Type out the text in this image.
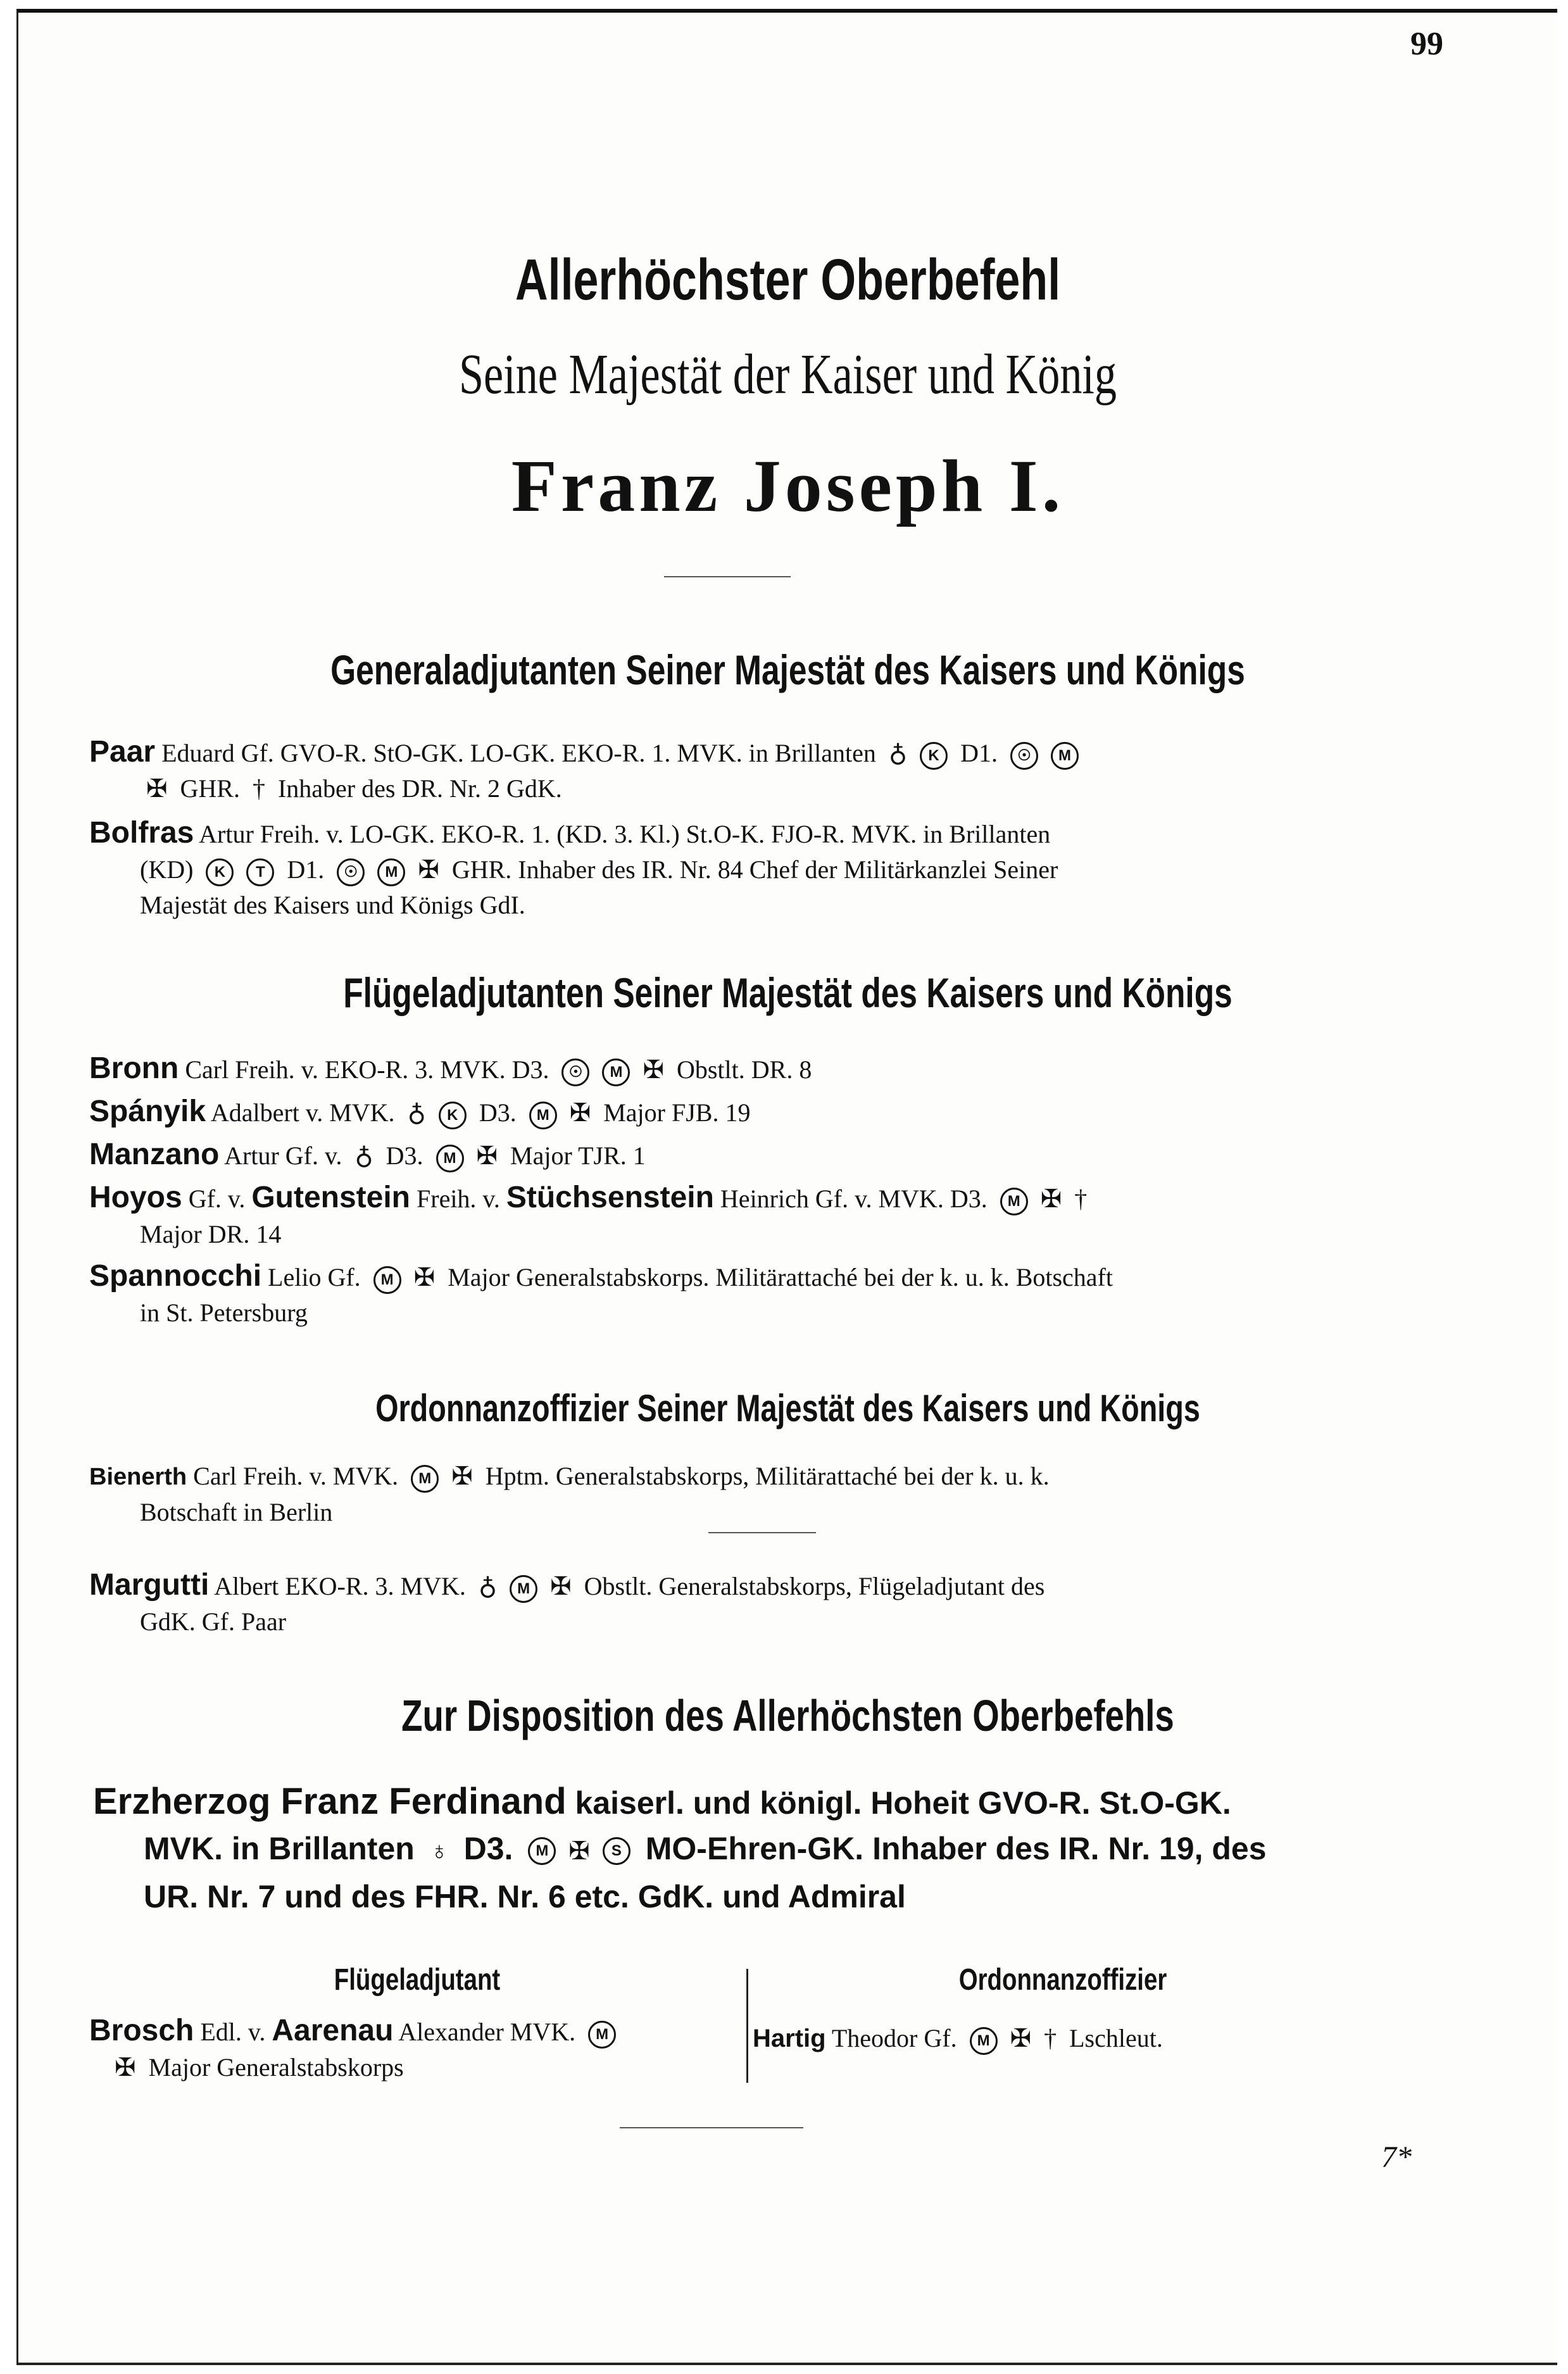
99
Allerhöchster Oberbefehl
Seine Majestät der Kaiser und König
Franz Joseph I.
Generaladjutanten Seiner Majestät des Kaisers und Königs
Paar Eduard Gf. GVO-R. StO-GK. LO-GK. EKO-R. 1. MVK. in Brillanten ♁ K D1. ☉ M
✠ GHR. † Inhaber des DR. Nr. 2 GdK.
Bolfras Artur Freih. v. LO-GK. EKO-R. 1. (KD. 3. Kl.) St.O-K. FJO-R. MVK. in Brillanten
(KD) K T D1. ☉ M ✠ GHR. Inhaber des IR. Nr. 84 Chef der Militärkanzlei Seiner
Majestät des Kaisers und Königs GdI.
Flügeladjutanten Seiner Majestät des Kaisers und Königs
Bronn Carl Freih. v. EKO-R. 3. MVK. D3. ☉ M ✠ Obstlt. DR. 8
Spányik Adalbert v. MVK. ♁ K D3. M ✠ Major FJB. 19
Manzano Artur Gf. v. ♁ D3. M ✠ Major TJR. 1
Hoyos Gf. v. Gutenstein Freih. v. Stüchsenstein Heinrich Gf. v. MVK. D3. M ✠ †
Major DR. 14
Spannocchi Lelio Gf. M ✠ Major Generalstabskorps. Militärattaché bei der k. u. k. Botschaft
in St. Petersburg
Ordonnanzoffizier Seiner Majestät des Kaisers und Königs
Bienerth Carl Freih. v. MVK. M ✠ Hptm. Generalstabskorps, Militärattaché bei der k. u. k.
Botschaft in Berlin
Margutti Albert EKO-R. 3. MVK. ♁ M ✠ Obstlt. Generalstabskorps, Flügeladjutant des
GdK. Gf. Paar
Zur Disposition des Allerhöchsten Oberbefehls
Erzherzog Franz Ferdinand kaiserl. und königl. Hoheit GVO-R. St.O-GK.
MVK. in Brillanten ♁ D3. M ✠ S MO-Ehren-GK. Inhaber des IR. Nr. 19, des
UR. Nr. 7 und des FHR. Nr. 6 etc. GdK. und Admiral
Flügeladjutant	Ordonnanzoffizier
Brosch Edl. v. Aarenau Alexander MVK. M
✠ Major Generalstabskorps
Hartig Theodor Gf. M ✠ † Lschleut.
7*
